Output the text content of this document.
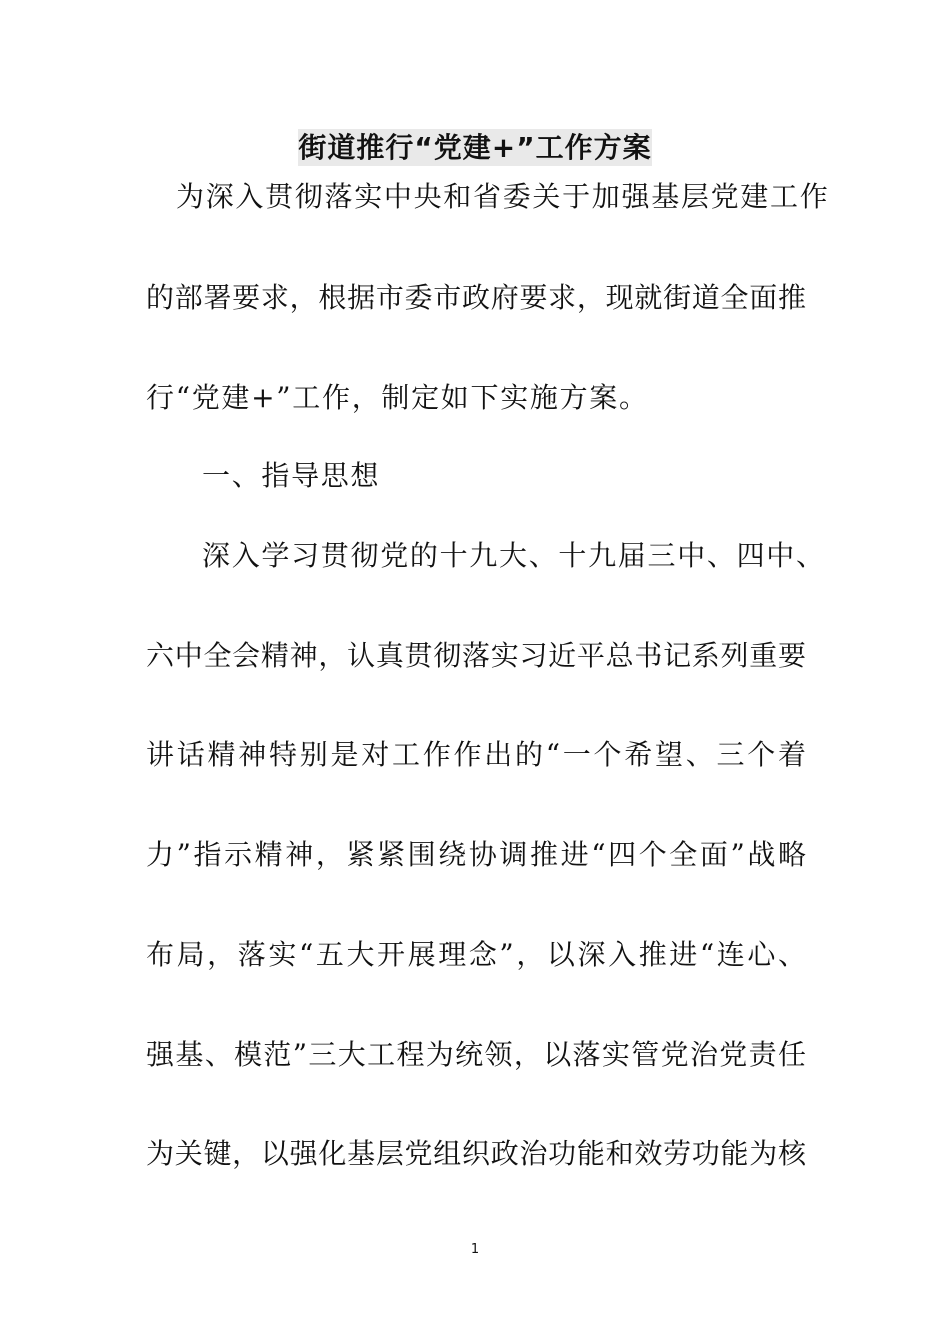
街道推行“党建+”工作方案
为深入贯彻落实中央和省委关于加强基层党建工作
的部署要求，根据市委市政府要求，现就街道全面推
行“党建+”工作，制定如下实施方案。
一、指导思想
深入学习贯彻党的十九大、十九届三中、四中、
六中全会精神，认真贯彻落实习近平总书记系列重要
讲话精神特别是对工作作出的“一个希望、三个着
力”指示精神，紧紧围绕协调推进“四个全面”战略
布局，落实“五大开展理念”，以深入推进“连心、
强基、模范”三大工程为统领，以落实管党治党责任
为关键，以强化基层党组织政治功能和效劳功能为核
1
